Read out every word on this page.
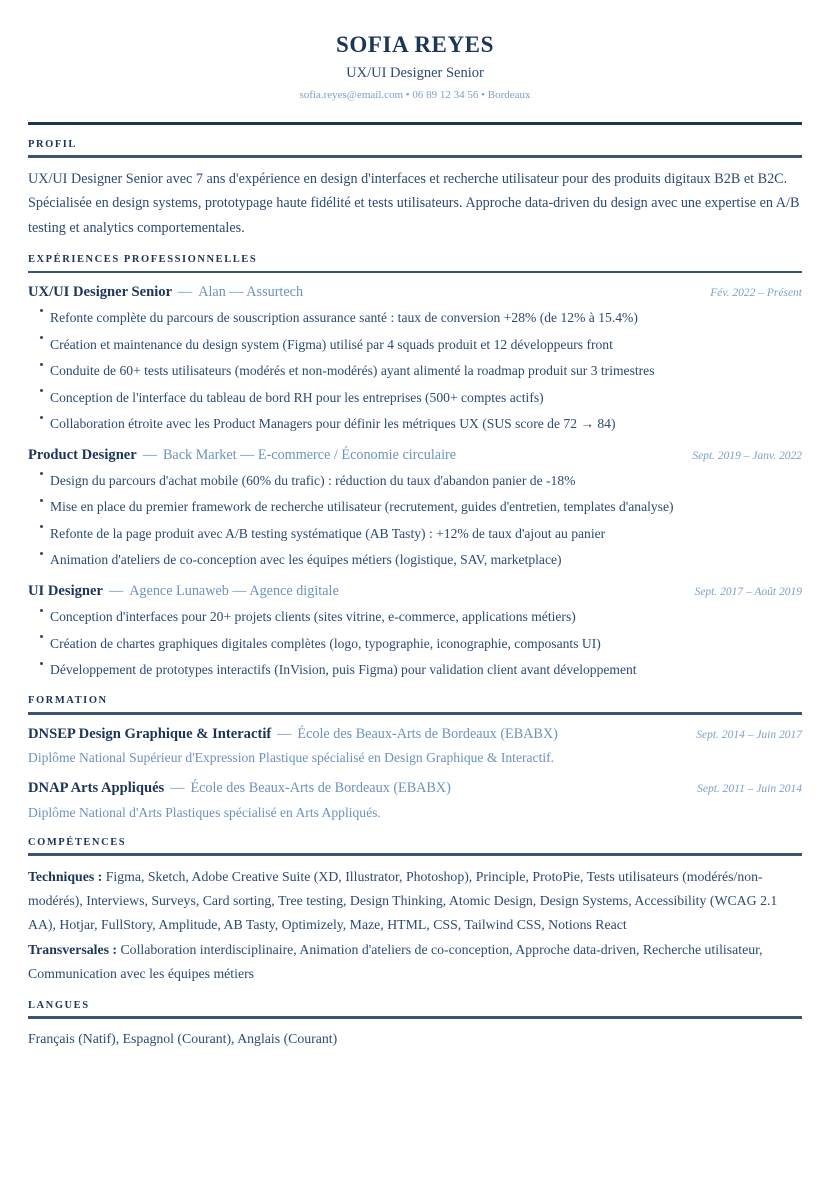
SOFIA REYES
UX/UI Designer Senior
sofia.reyes@email.com • 06 89 12 34 56 • Bordeaux
PROFIL

UX/UI Designer Senior avec 7 ans d'expérience en design d'interfaces et recherche utilisateur pour des produits digitaux B2B et B2C. Spécialisée en design systems, prototypage haute fidélité et tests utilisateurs. Approche data-driven du design avec une expertise en A/B testing et analytics comportementales.

EXPÉRIENCES PROFESSIONNELLES
UX/UI Designer Senior — Alan — Assurtech	Fév. 2022 – Présent
Refonte complète du parcours de souscription assurance santé : taux de conversion +28% (de 12% à 15.4%)
Création et maintenance du design system (Figma) utilisé par 4 squads produit et 12 développeurs front
Conduite de 60+ tests utilisateurs (modérés et non-modérés) ayant alimenté la roadmap produit sur 3 trimestres
Conception de l'interface du tableau de bord RH pour les entreprises (500+ comptes actifs)
Collaboration étroite avec les Product Managers pour définir les métriques UX (SUS score de 72 → 84)
Product Designer — Back Market — E-commerce / Économie circulaire	Sept. 2019 – Janv. 2022
Design du parcours d'achat mobile (60% du trafic) : réduction du taux d'abandon panier de -18%
Mise en place du premier framework de recherche utilisateur (recrutement, guides d'entretien, templates d'analyse)
Refonte de la page produit avec A/B testing systématique (AB Tasty) : +12% de taux d'ajout au panier
Animation d'ateliers de co-conception avec les équipes métiers (logistique, SAV, marketplace)
UI Designer — Agence Lunaweb — Agence digitale	Sept. 2017 – Août 2019
Conception d'interfaces pour 20+ projets clients (sites vitrine, e-commerce, applications métiers)
Création de chartes graphiques digitales complètes (logo, typographie, iconographie, composants UI)
Développement de prototypes interactifs (InVision, puis Figma) pour validation client avant développement
FORMATION
DNSEP Design Graphique & Interactif — École des Beaux-Arts de Bordeaux (EBABX)	Sept. 2014 – Juin 2017

Diplôme National Supérieur d'Expression Plastique spécialisé en Design Graphique & Interactif.

DNAP Arts Appliqués — École des Beaux-Arts de Bordeaux (EBABX)	Sept. 2011 – Juin 2014

Diplôme National d'Arts Plastiques spécialisé en Arts Appliqués.

COMPÉTENCES

Techniques : Figma, Sketch, Adobe Creative Suite (XD, Illustrator, Photoshop), Principle, ProtoPie, Tests utilisateurs (modérés/non-modérés), Interviews, Surveys, Card sorting, Tree testing, Design Thinking, Atomic Design, Design Systems, Accessibility (WCAG 2.1 AA), Hotjar, FullStory, Amplitude, AB Tasty, Optimizely, Maze, HTML, CSS, Tailwind CSS, Notions React

Transversales : Collaboration interdisciplinaire, Animation d'ateliers de co-conception, Approche data-driven, Recherche utilisateur, Communication avec les équipes métiers

LANGUES

Français (Natif), Espagnol (Courant), Anglais (Courant)
